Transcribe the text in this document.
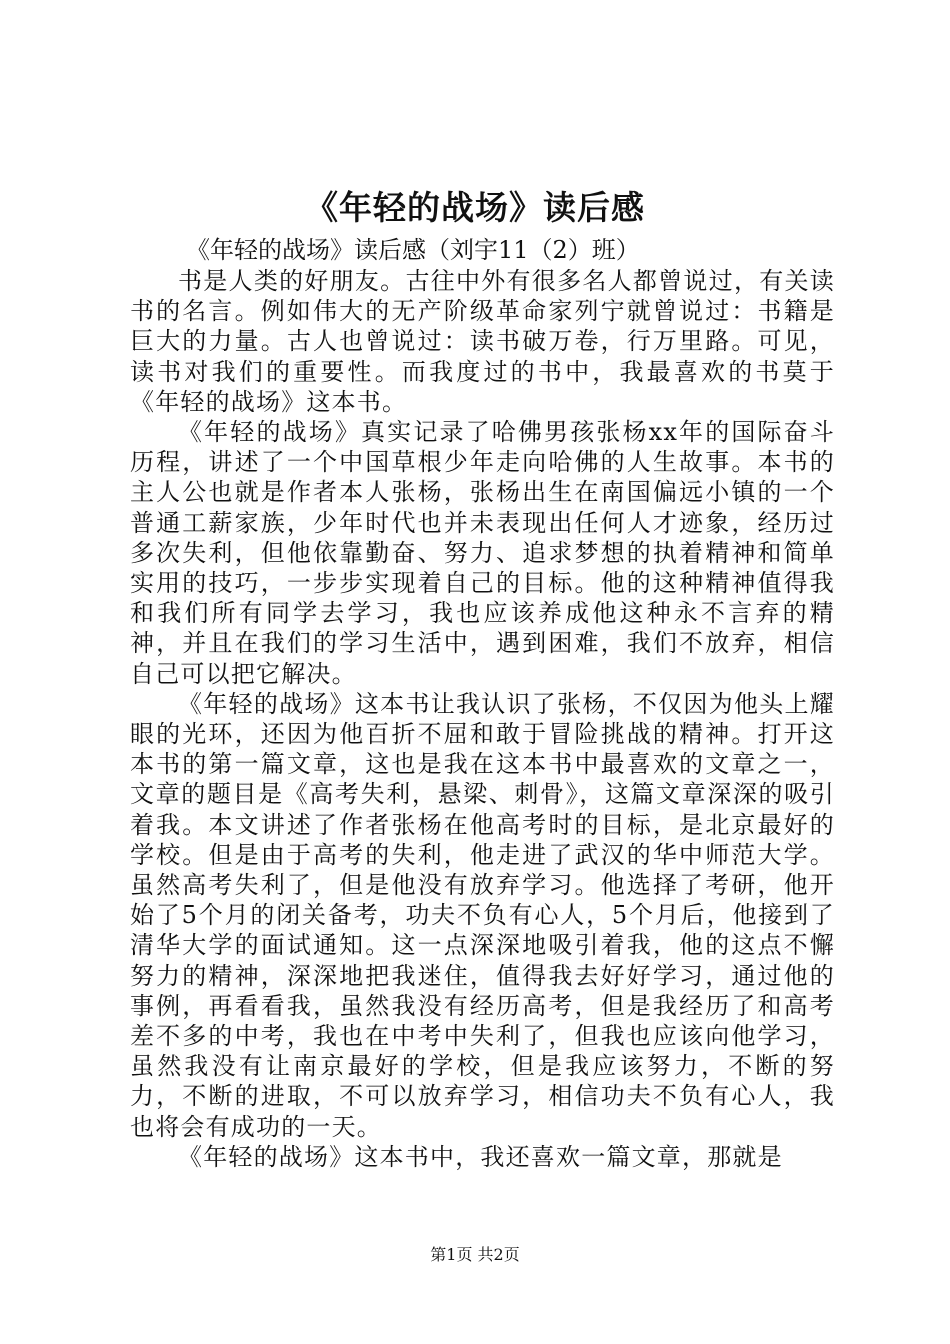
《年轻的战场》读后感
《年轻的战场》读后感（刘宇11（2）班）

书是人类的好朋友。古往中外有很多名人都曾说过，有关读书的名言。例如伟大的无产阶级革命家列宁就曾说过：书籍是巨大的力量。古人也曾说过：读书破万卷，行万里路。可见，读书对我们的重要性。而我度过的书中，我最喜欢的书莫于《年轻的战场》这本书。

《年轻的战场》真实记录了哈佛男孩张杨xx年的国际奋斗历程，讲述了一个中国草根少年走向哈佛的人生故事。本书的主人公也就是作者本人张杨，张杨出生在南国偏远小镇的一个普通工薪家族，少年时代也并未表现出任何人才迹象，经历过多次失利，但他依靠勤奋、努力、追求梦想的执着精神和简单实用的技巧，一步步实现着自己的目标。他的这种精神值得我和我们所有同学去学习，我也应该养成他这种永不言弃的精神，并且在我们的学习生活中，遇到困难，我们不放弃，相信自己可以把它解决。

《年轻的战场》这本书让我认识了张杨，不仅因为他头上耀眼的光环，还因为他百折不屈和敢于冒险挑战的精神。打开这本书的第一篇文章，这也是我在这本书中最喜欢的文章之一，文章的题目是《高考失利，悬梁、刺骨》，这篇文章深深的吸引着我。本文讲述了作者张杨在他高考时的目标，是北京最好的学校。但是由于高考的失利，他走进了武汉的华中师范大学。虽然高考失利了，但是他没有放弃学习。他选择了考研，他开始了5个月的闭关备考，功夫不负有心人，5个月后，他接到了清华大学的面试通知。这一点深深地吸引着我，他的这点不懈努力的精神，深深地把我迷住，值得我去好好学习，通过他的事例，再看看我，虽然我没有经历高考，但是我经历了和高考差不多的中考，我也在中考中失利了，但我也应该向他学习，虽然我没有让南京最好的学校，但是我应该努力，不断的努力，不断的进取，不可以放弃学习，相信功夫不负有心人，我也将会有成功的一天。

《年轻的战场》这本书中，我还喜欢一篇文章，那就是

第1页 共2页
